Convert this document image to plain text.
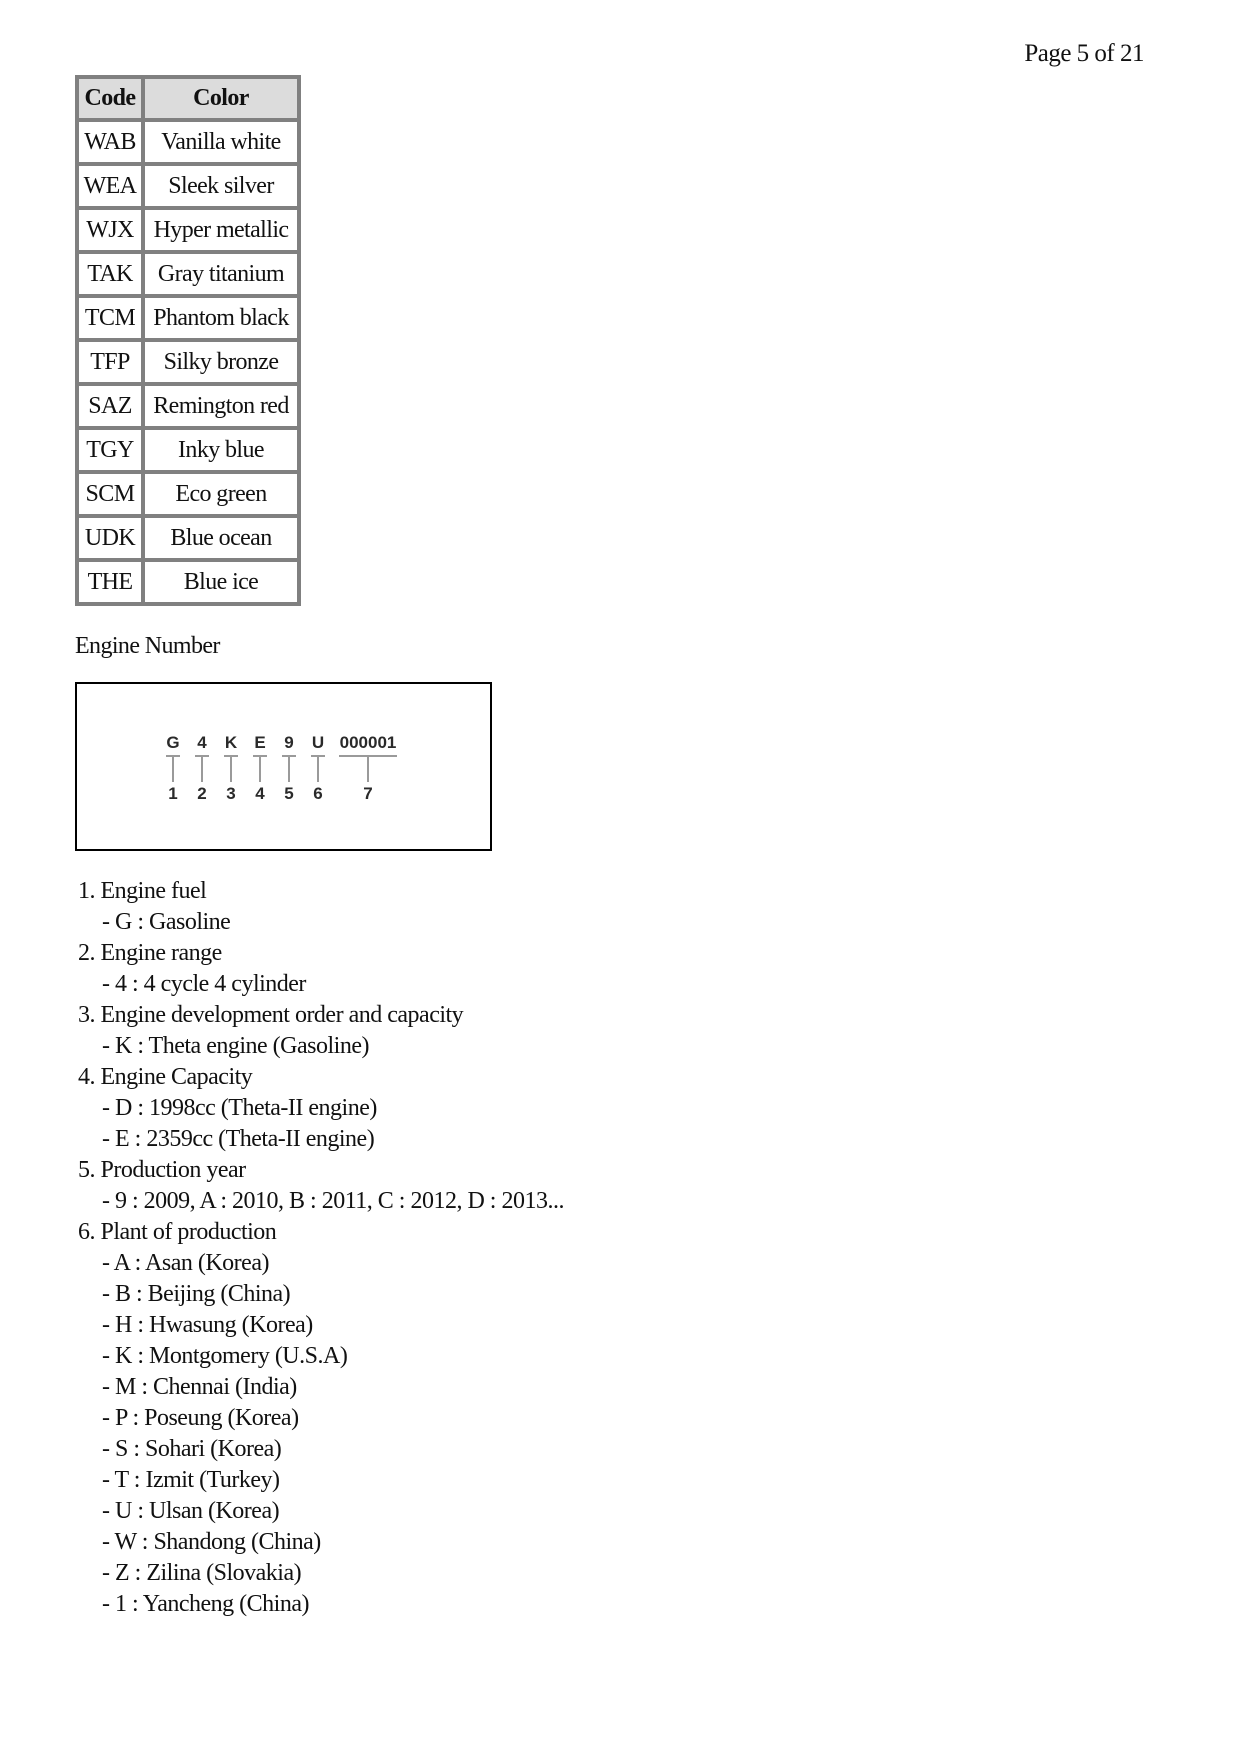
Page 5 of 21
Code	Color
WAB	Vanilla white
WEA	Sleek silver
WJX	Hyper metallic
TAK	Gray titanium
TCM	Phantom black
TFP	Silky bronze
SAZ	Remington red
TGY	Inky blue
SCM	Eco green
UDK	Blue ocean
THE	Blue ice
Engine Number
G 4 K E 9 U 000001
1 2 3 4 5 6 7
1. Engine fuel
- G : Gasoline
2. Engine range
- 4 : 4 cycle 4 cylinder
3. Engine development order and capacity
- K : Theta engine (Gasoline)
4. Engine Capacity
- D : 1998cc (Theta-II engine)
- E : 2359cc (Theta-II engine)
5. Production year
- 9 : 2009, A : 2010, B : 2011, C : 2012, D : 2013...
6. Plant of production
- A : Asan (Korea)
- B : Beijing (China)
- H : Hwasung (Korea)
- K : Montgomery (U.S.A)
- M : Chennai (India)
- P : Poseung (Korea)
- S : Sohari (Korea)
- T : Izmit (Turkey)
- U : Ulsan (Korea)
- W : Shandong (China)
- Z : Zilina (Slovakia)
- 1 : Yancheng (China)
